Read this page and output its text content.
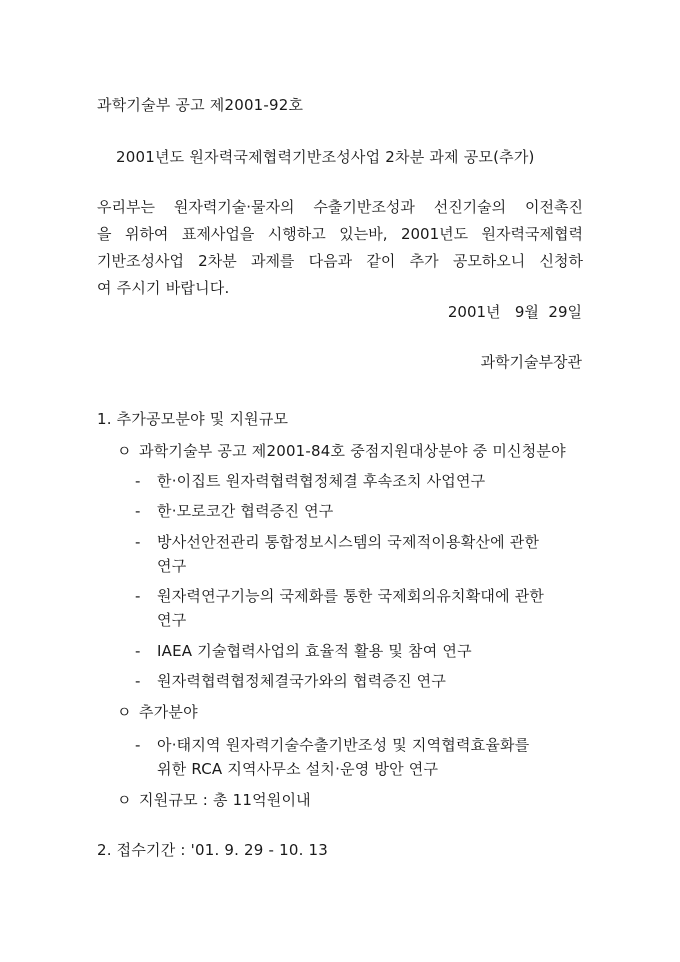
과학기술부 공고 제2001-92호
2001년도 원자력국제협력기반조성사업 2차분 과제 공모(추가)
우리부는 원자력기술·물자의 수출기반조성과 선진기술의 이전촉진
을 위하여 표제사업을 시행하고 있는바, 2001년도 원자력국제협력
기반조성사업 2차분 과제를 다음과 같이 추가 공모하오니 신청하
여 주시기 바랍니다.
2001년   9월  29일
과학기술부장관
1. 추가공모분야 및 지원규모
ㅇ 과학기술부 공고 제2001-84호 중점지원대상분야 중 미신청분야
- 한·이집트 원자력협력협정체결 후속조치 사업연구
- 한·모로코간 협력증진 연구
- 방사선안전관리 통합정보시스템의 국제적이용확산에 관한
연구
- 원자력연구기능의 국제화를 통한 국제회의유치확대에 관한
연구
- IAEA 기술협력사업의 효율적 활용 및 참여 연구
- 원자력협력협정체결국가와의 협력증진 연구
ㅇ 추가분야
- 아·태지역 원자력기술수출기반조성 및 지역협력효율화를
위한 RCA 지역사무소 설치·운영 방안 연구
ㅇ 지원규모 : 총 11억원이내
2. 접수기간 : '01. 9. 29 - 10. 13
